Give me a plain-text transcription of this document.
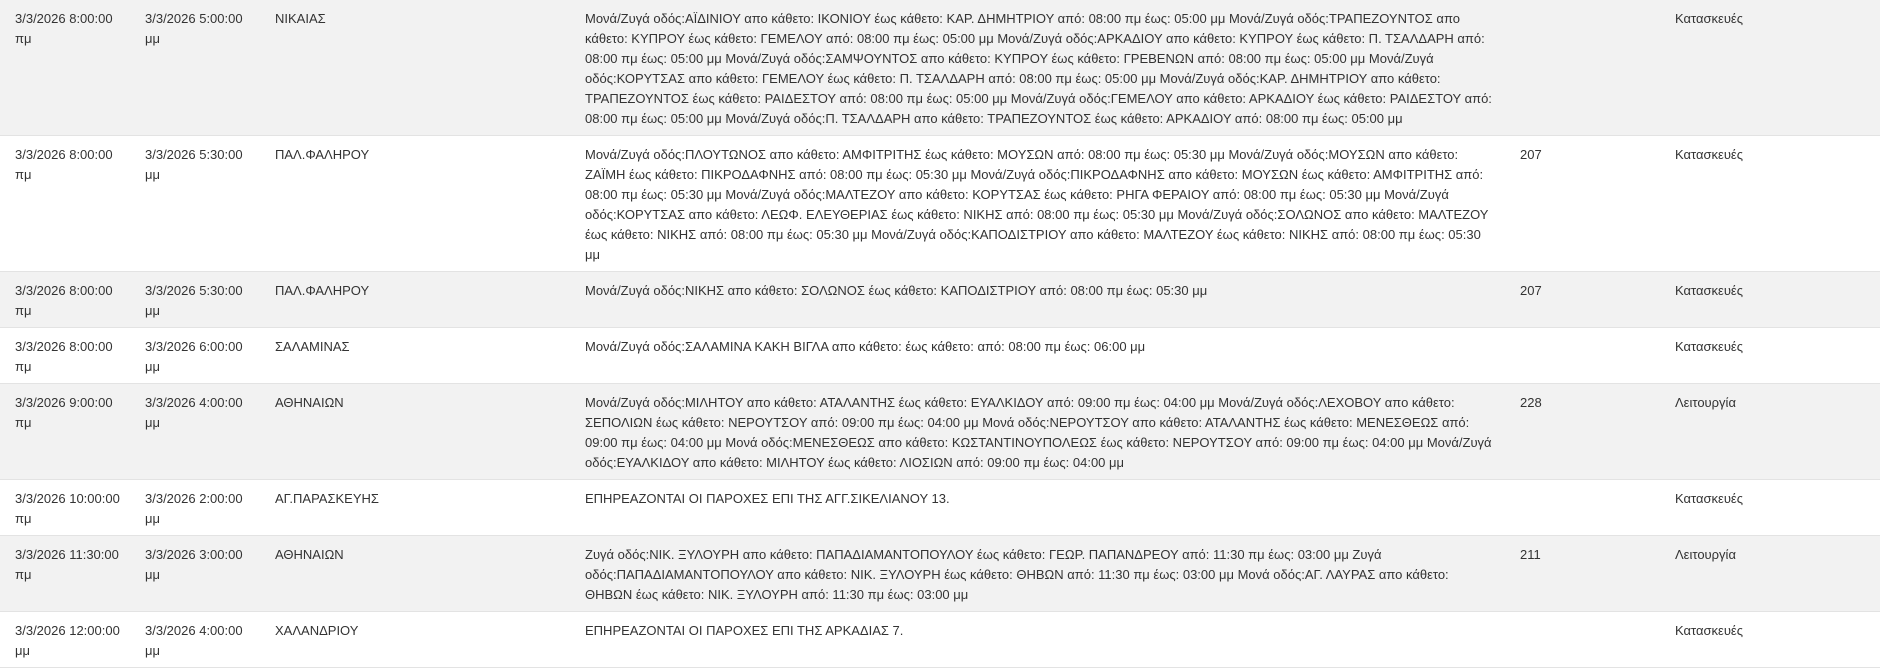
3/3/2026 8:00:00 πμ	3/3/2026 5:00:00 μμ	ΝΙΚΑΙΑΣ	Μονά/Ζυγά οδός:ΑΪΔΙΝΙΟΥ απο κάθετο: ΙΚΟΝΙΟΥ έως κάθετο: ΚΑΡ. ΔΗΜΗΤΡΙΟΥ από: 08:00 πμ έως: 05:00 μμ Μονά/Ζυγά οδός:ΤΡΑΠΕΖΟΥΝΤΟΣ απο κάθετο: ΚΥΠΡΟΥ έως κάθετο: ΓΕΜΕΛΟΥ από: 08:00 πμ έως: 05:00 μμ Μονά/Ζυγά οδός:ΑΡΚΑΔΙΟΥ απο κάθετο: ΚΥΠΡΟΥ έως κάθετο: Π. ΤΣΑΛΔΑΡΗ από: 08:00 πμ έως: 05:00 μμ Μονά/Ζυγά οδός:ΣΑΜΨΟΥΝΤΟΣ απο κάθετο: ΚΥΠΡΟΥ έως κάθετο: ΓΡΕΒΕΝΩΝ από: 08:00 πμ έως: 05:00 μμ Μονά/Ζυγά οδός:ΚΟΡΥΤΣΑΣ απο κάθετο: ΓΕΜΕΛΟΥ έως κάθετο: Π. ΤΣΑΛΔΑΡΗ από: 08:00 πμ έως: 05:00 μμ Μονά/Ζυγά οδός:ΚΑΡ. ΔΗΜΗΤΡΙΟΥ απο κάθετο: ΤΡΑΠΕΖΟΥΝΤΟΣ έως κάθετο: ΡΑΙΔΕΣΤΟΥ από: 08:00 πμ έως: 05:00 μμ Μονά/Ζυγά οδός:ΓΕΜΕΛΟΥ απο κάθετο: ΑΡΚΑΔΙΟΥ έως κάθετο: ΡΑΙΔΕΣΤΟΥ από: 08:00 πμ έως: 05:00 μμ Μονά/Ζυγά οδός:Π. ΤΣΑΛΔΑΡΗ απο κάθετο: ΤΡΑΠΕΖΟΥΝΤΟΣ έως κάθετο: ΑΡΚΑΔΙΟΥ από: 08:00 πμ έως: 05:00 μμ		Κατασκευές
3/3/2026 8:00:00 πμ	3/3/2026 5:30:00 μμ	ΠΑΛ.ΦΑΛΗΡΟΥ	Μονά/Ζυγά οδός:ΠΛΟΥΤΩΝΟΣ απο κάθετο: ΑΜΦΙΤΡΙΤΗΣ έως κάθετο: ΜΟΥΣΩΝ από: 08:00 πμ έως: 05:30 μμ Μονά/Ζυγά οδός:ΜΟΥΣΩΝ απο κάθετο: ΖΑΪΜΗ έως κάθετο: ΠΙΚΡΟΔΑΦΝΗΣ από: 08:00 πμ έως: 05:30 μμ Μονά/Ζυγά οδός:ΠΙΚΡΟΔΑΦΝΗΣ απο κάθετο: ΜΟΥΣΩΝ έως κάθετο: ΑΜΦΙΤΡΙΤΗΣ από: 08:00 πμ έως: 05:30 μμ Μονά/Ζυγά οδός:ΜΑΛΤΕΖΟΥ απο κάθετο: ΚΟΡΥΤΣΑΣ έως κάθετο: ΡΗΓΑ ΦΕΡΑΙΟΥ από: 08:00 πμ έως: 05:30 μμ Μονά/Ζυγά οδός:ΚΟΡΥΤΣΑΣ απο κάθετο: ΛΕΩΦ. ΕΛΕΥΘΕΡΙΑΣ έως κάθετο: ΝΙΚΗΣ από: 08:00 πμ έως: 05:30 μμ Μονά/Ζυγά οδός:ΣΟΛΩΝΟΣ απο κάθετο: ΜΑΛΤΕΖΟΥ έως κάθετο: ΝΙΚΗΣ από: 08:00 πμ έως: 05:30 μμ Μονά/Ζυγά οδός:ΚΑΠΟΔΙΣΤΡΙΟΥ απο κάθετο: ΜΑΛΤΕΖΟΥ έως κάθετο: ΝΙΚΗΣ από: 08:00 πμ έως: 05:30 μμ	207	Κατασκευές
3/3/2026 8:00:00 πμ	3/3/2026 5:30:00 μμ	ΠΑΛ.ΦΑΛΗΡΟΥ	Μονά/Ζυγά οδός:ΝΙΚΗΣ απο κάθετο: ΣΟΛΩΝΟΣ έως κάθετο: ΚΑΠΟΔΙΣΤΡΙΟΥ από: 08:00 πμ έως: 05:30 μμ	207	Κατασκευές
3/3/2026 8:00:00 πμ	3/3/2026 6:00:00 μμ	ΣΑΛΑΜΙΝΑΣ	Μονά/Ζυγά οδός:ΣΑΛΑΜΙΝΑ ΚΑΚΗ ΒΙΓΛΑ απο κάθετο: έως κάθετο: από: 08:00 πμ έως: 06:00 μμ		Κατασκευές
3/3/2026 9:00:00 πμ	3/3/2026 4:00:00 μμ	ΑΘΗΝΑΙΩΝ	Μονά/Ζυγά οδός:ΜΙΛΗΤΟΥ απο κάθετο: ΑΤΑΛΑΝΤΗΣ έως κάθετο: ΕΥΑΛΚΙΔΟΥ από: 09:00 πμ έως: 04:00 μμ Μονά/Ζυγά οδός:ΛΕΧΟΒΟΥ απο κάθετο: ΣΕΠΟΛΙΩΝ έως κάθετο: ΝΕΡΟΥΤΣΟΥ από: 09:00 πμ έως: 04:00 μμ Μονά οδός:ΝΕΡΟΥΤΣΟΥ απο κάθετο: ΑΤΑΛΑΝΤΗΣ έως κάθετο: ΜΕΝΕΣΘΕΩΣ από: 09:00 πμ έως: 04:00 μμ Μονά οδός:ΜΕΝΕΣΘΕΩΣ απο κάθετο: ΚΩΣΤΑΝΤΙΝΟΥΠΟΛΕΩΣ έως κάθετο: ΝΕΡΟΥΤΣΟΥ από: 09:00 πμ έως: 04:00 μμ Μονά/Ζυγά οδός:ΕΥΑΛΚΙΔΟΥ απο κάθετο: ΜΙΛΗΤΟΥ έως κάθετο: ΛΙΟΣΙΩΝ από: 09:00 πμ έως: 04:00 μμ	228	Λειτουργία
3/3/2026 10:00:00 πμ	3/3/2026 2:00:00 μμ	ΑΓ.ΠΑΡΑΣΚΕΥΗΣ	ΕΠΗΡΕΑΖΟΝΤΑΙ ΟΙ ΠΑΡΟΧΕΣ ΕΠΙ ΤΗΣ ΑΓΓ.ΣΙΚΕΛΙΑΝΟΥ 13.		Κατασκευές
3/3/2026 11:30:00 πμ	3/3/2026 3:00:00 μμ	ΑΘΗΝΑΙΩΝ	Ζυγά οδός:ΝΙΚ. ΞΥΛΟΥΡΗ απο κάθετο: ΠΑΠΑΔΙΑΜΑΝΤΟΠΟΥΛΟΥ έως κάθετο: ΓΕΩΡ. ΠΑΠΑΝΔΡΕΟΥ από: 11:30 πμ έως: 03:00 μμ Ζυγά οδός:ΠΑΠΑΔΙΑΜΑΝΤΟΠΟΥΛΟΥ απο κάθετο: ΝΙΚ. ΞΥΛΟΥΡΗ έως κάθετο: ΘΗΒΩΝ από: 11:30 πμ έως: 03:00 μμ Μονά οδός:ΑΓ. ΛΑΥΡΑΣ απο κάθετο: ΘΗΒΩΝ έως κάθετο: ΝΙΚ. ΞΥΛΟΥΡΗ από: 11:30 πμ έως: 03:00 μμ	211	Λειτουργία
3/3/2026 12:00:00 μμ	3/3/2026 4:00:00 μμ	ΧΑΛΑΝΔΡΙΟΥ	ΕΠΗΡΕΑΖΟΝΤΑΙ ΟΙ ΠΑΡΟΧΕΣ ΕΠΙ ΤΗΣ ΑΡΚΑΔΙΑΣ 7.		Κατασκευές
